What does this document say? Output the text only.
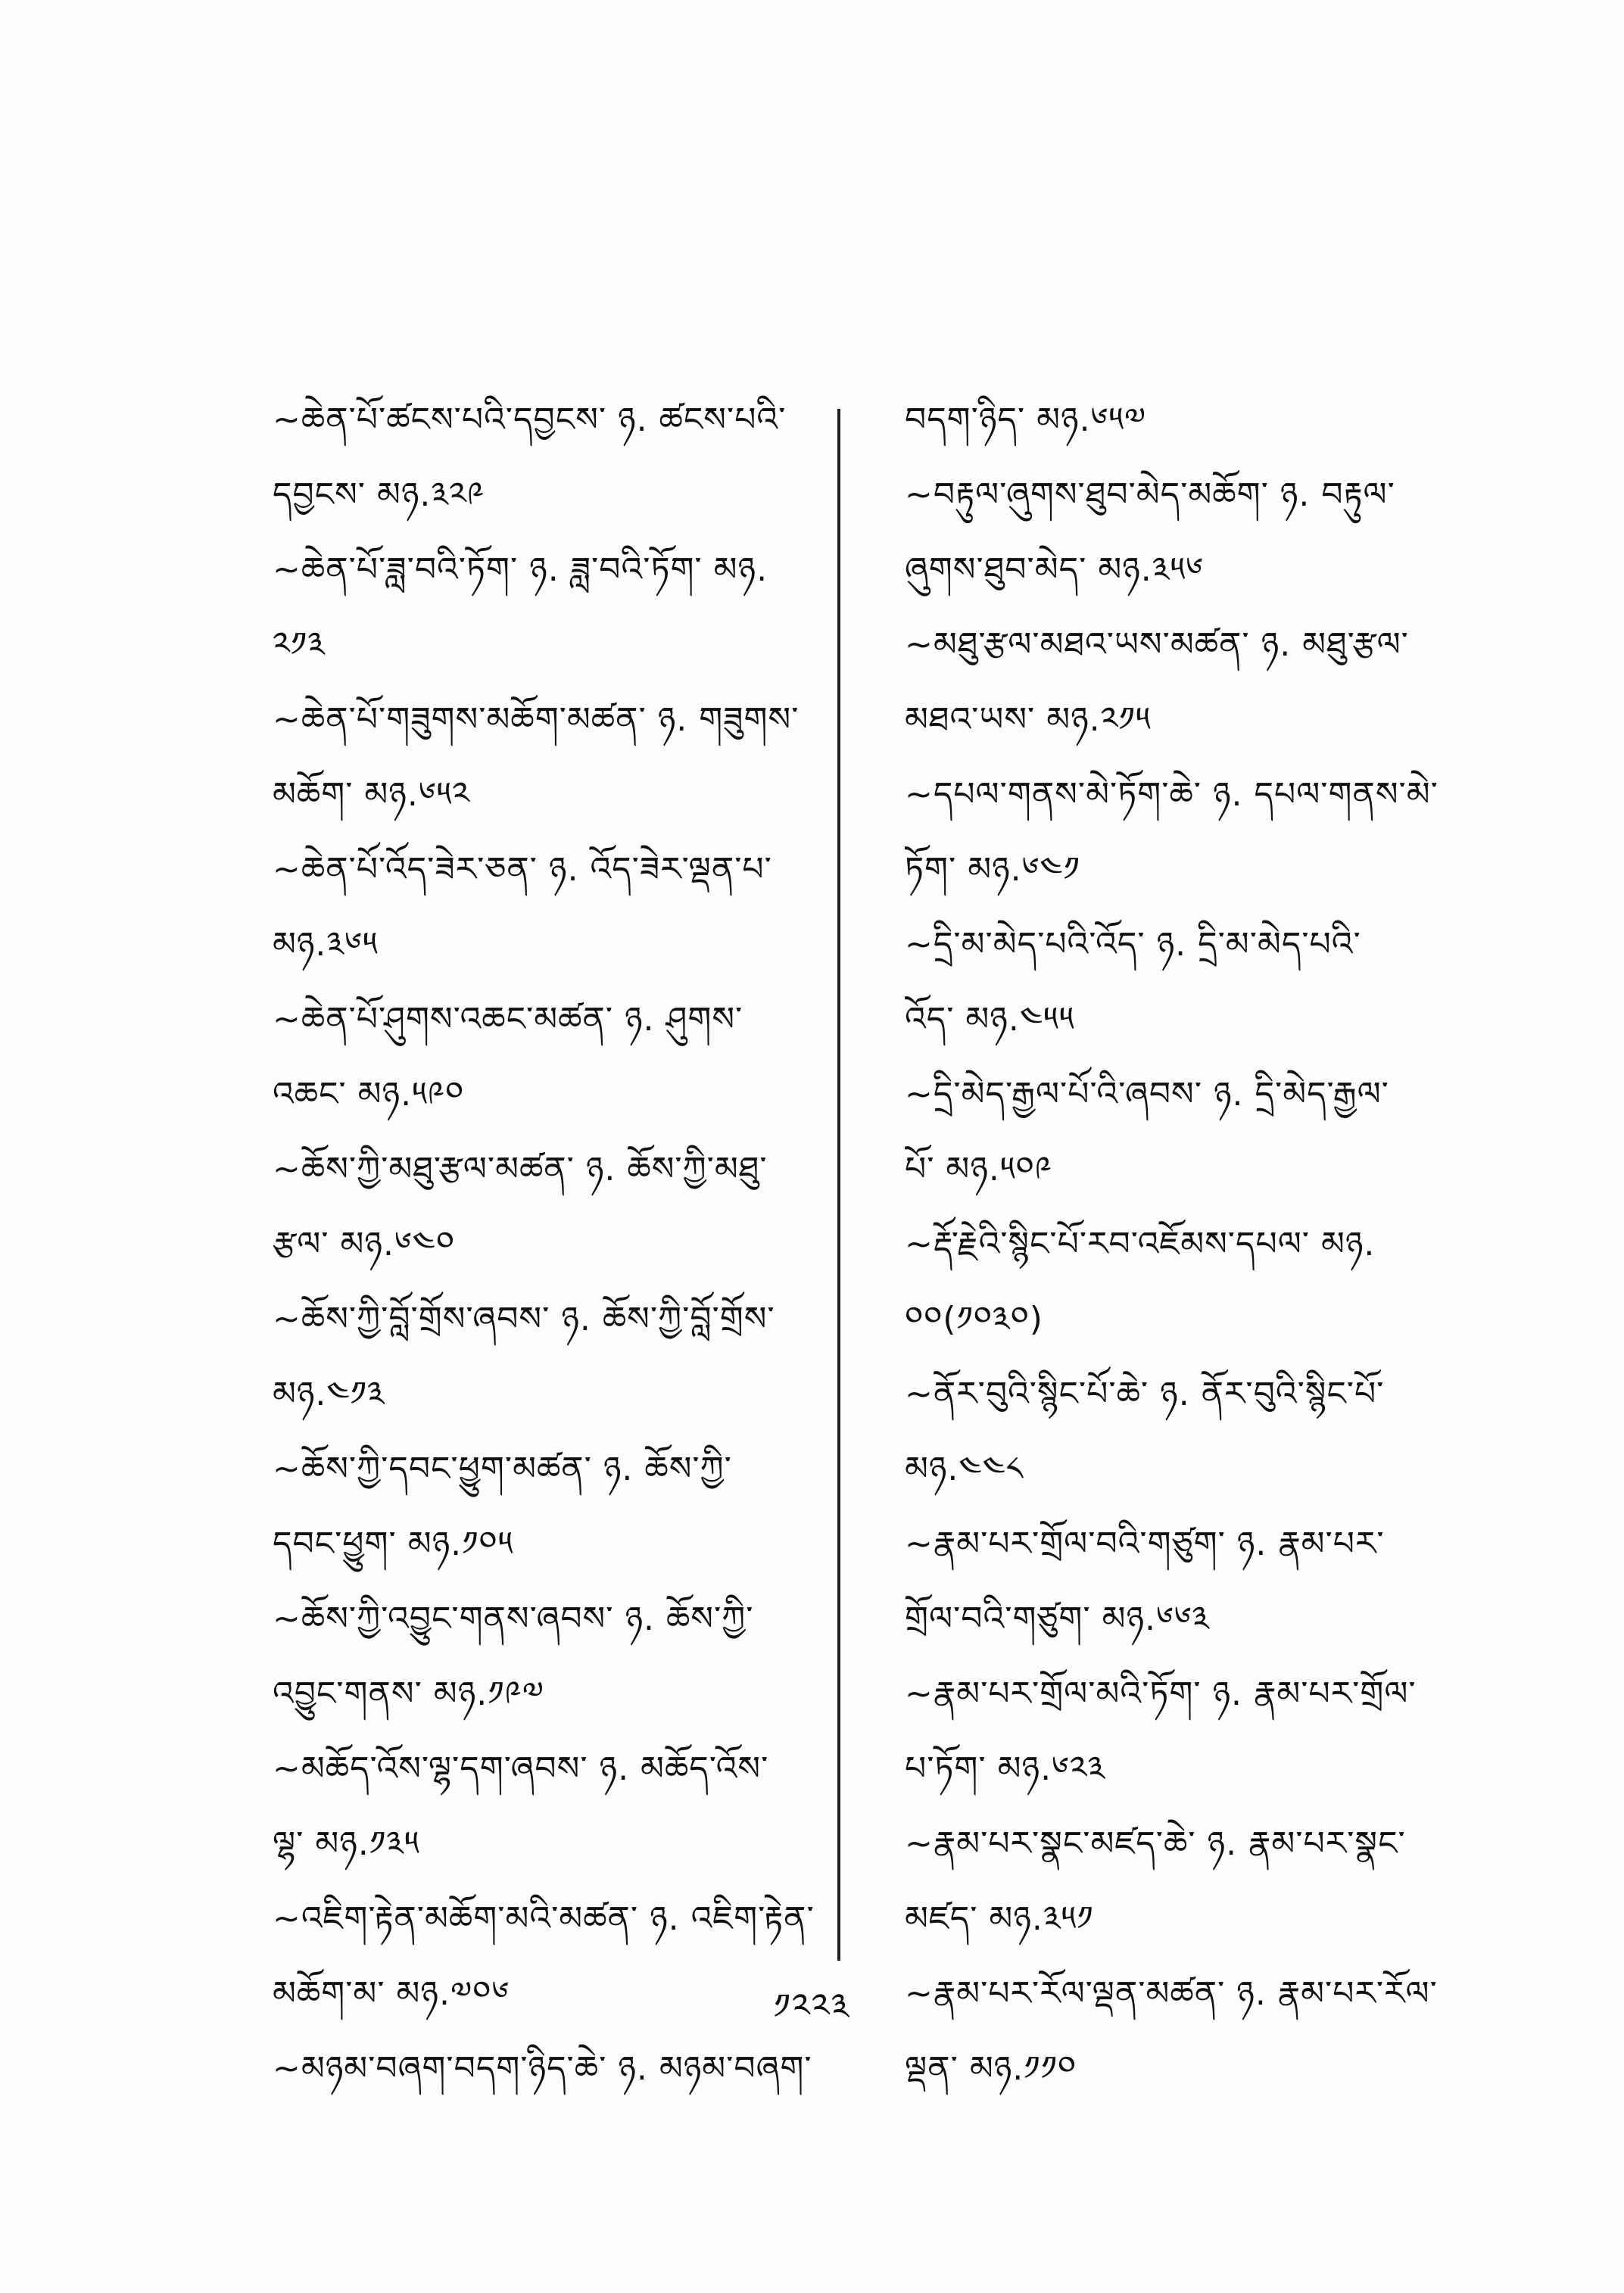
~ཆེན་པོ་ཚངས་པའི་དབྱངས་ ཉ. ཚངས་པའི་
དབྱངས་ མཉ.༣༢༩
~ཆེན་པོ་ཟླ་བའི་ཏོག་ ཉ. ཟླ་བའི་ཏོག་ མཉ.
༢༡༣
~ཆེན་པོ་གཟུགས་མཆོག་མཚན་ ཉ. གཟུགས་
མཆོག་ མཉ.༦༥༢
~ཆེན་པོ་འོད་ཟེར་ཅན་ ཉ. འོད་ཟེར་ལྡན་པ་
མཉ.༣༦༥
~ཆེན་པོ་ཤུགས་འཆང་མཚན་ ཉ. ཤུགས་
འཆང་ མཉ.༥༩༠
~ཆོས་ཀྱི་མཐུ་རྩལ་མཚན་ ཉ. ཆོས་ཀྱི་མཐུ་
རྩལ་ མཉ.༦༤༠
~ཆོས་ཀྱི་བློ་གྲོས་ཞབས་ ཉ. ཆོས་ཀྱི་བློ་གྲོས་
མཉ.༤༡༣
~ཆོས་ཀྱི་དབང་ཕྱུག་མཚན་ ཉ. ཆོས་ཀྱི་
དབང་ཕྱུག་ མཉ.༡༠༥
~ཆོས་ཀྱི་འབྱུང་གནས་ཞབས་ ཉ. ཆོས་ཀྱི་
འབྱུང་གནས་ མཉ.༡༩༧
~མཆོད་འོས་ལྷ་དག་ཞབས་ ཉ. མཆོད་འོས་
ལྷ་ མཉ.༡༣༥
~འཇིག་རྟེན་མཆོག་མའི་མཚན་ ཉ. འཇིག་རྟེན་
མཆོག་མ་ མཉ.༧༠༦
~མཉམ་བཞག་བདག་ཉིད་ཆེ་ ཉ. མཉམ་བཞག་
བདག་ཉིད་ མཉ.༦༥༧
~བརྟུལ་ཞུགས་ཐུབ་མེད་མཆོག་ ཉ. བརྟུལ་
ཞུགས་ཐུབ་མེད་ མཉ.༣༥༦
~མཐུ་རྩལ་མཐའ་ཡས་མཚན་ ཉ. མཐུ་རྩལ་
མཐའ་ཡས་ མཉ.༢༡༥
~དཔལ་གནས་མེ་ཏོག་ཆེ་ ཉ. དཔལ་གནས་མེ་
ཏོག་ མཉ.༦༤༡
~དྲི་མ་མེད་པའི་འོད་ ཉ. དྲི་མ་མེད་པའི་
འོད་ མཉ.༤༥༥
~དྲི་མེད་རྒྱལ་པོ་འི་ཞབས་ ཉ. དྲི་མེད་རྒྱལ་
པོ་ མཉ.༥༠༩
~རྡོ་རྗེའི་སྙིང་པོ་རབ་འཇོམས་དཔལ་ མཉ.
༠༠(༡༠༣༠)
~ནོར་བུའི་སྙིང་པོ་ཆེ་ ཉ. ནོར་བུའི་སྙིང་པོ་
མཉ.༤༤༨
~རྣམ་པར་གྲོལ་བའི་གཙུག་ ཉ. རྣམ་པར་
གྲོལ་བའི་གཙུག་ མཉ.༦༦༣
~རྣམ་པར་གྲོལ་མའི་ཏོག་ ཉ. རྣམ་པར་གྲོལ་
པ་ཏོག་ མཉ.༦༢༣
~རྣམ་པར་སྣང་མཛད་ཆེ་ ཉ. རྣམ་པར་སྣང་
མཛད་ མཉ.༣༥༡
~རྣམ་པར་རོལ་ལྡན་མཚན་ ཉ. རྣམ་པར་རོལ་
ལྡན་ མཉ.༡༡༠
༡༢༢༣
